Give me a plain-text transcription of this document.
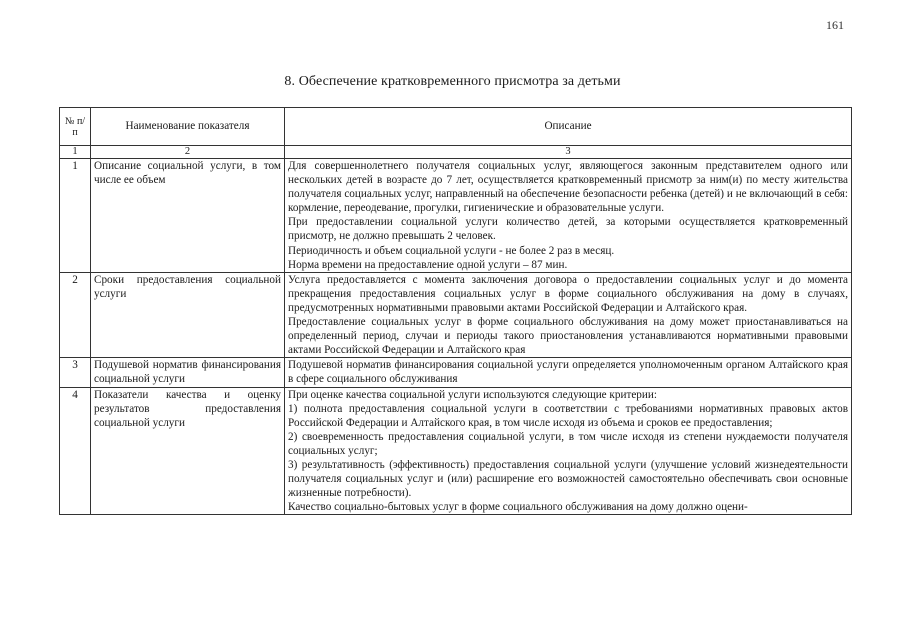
161
8. Обеспечение кратковременного присмотра за детьми
№ п/п	Наименование показателя	Описание
1	2	3
1	Описание социальной услуги, в том числе ее объем	Для совершеннолетнего получателя социальных услуг, являющегося законным представителем одного или нескольких детей в возрасте до 7 лет, осуществляется кратковременный присмотр за ним(и) по месту жительства получателя социальных услуг, направленный на обеспечение безопасности ребенка (детей) и не включающий в себя: кормление, переодевание, прогулки, гигиенические и образовательные услуги.

При предоставлении социальной услуги количество детей, за которыми осуществляется кратковременный присмотр, не должно превышать 2 человек.

Периодичность и объем социальной услуги - не более 2 раз в месяц.

Норма времени на предоставление одной услуги – 87 мин.

2	Сроки предоставления социальной услуги	Услуга предоставляется с момента заключения договора о предоставлении социальных услуг и до момента прекращения предоставления социальных услуг в форме социального обслуживания на дому в случаях, предусмотренных нормативными правовыми актами Российской Федерации и Алтайского края.

Предоставление социальных услуг в форме социального обслуживания на дому может приостанавливаться на определенный период, случаи и периоды такого приостановления устанавливаются нормативными правовыми актами Российской Федерации и Алтайского края

3	Подушевой норматив финансирования социальной услуги	Подушевой норматив финансирования социальной услуги определяется уполномоченным органом Алтайского края в сфере социального обслуживания

4	Показатели качества и оценку результатов предоставления социальной услуги	При оценке качества социальной услуги используются следующие критерии:

1) полнота предоставления социальной услуги в соответствии с требованиями нормативных правовых актов Российской Федерации и Алтайского края, в том числе исходя из объема и сроков ее предоставления;

2) своевременность предоставления социальной услуги, в том числе исходя из степени нуждаемости получателя социальных услуг;

3) результативность (эффективность) предоставления социальной услуги (улучшение условий жизнедеятельности получателя социальных услуг и (или) расширение его возможностей самостоятельно обеспечивать свои основные жизненные потребности).

Качество социально-бытовых услуг в форме социального обслуживания на дому должно оцени-
